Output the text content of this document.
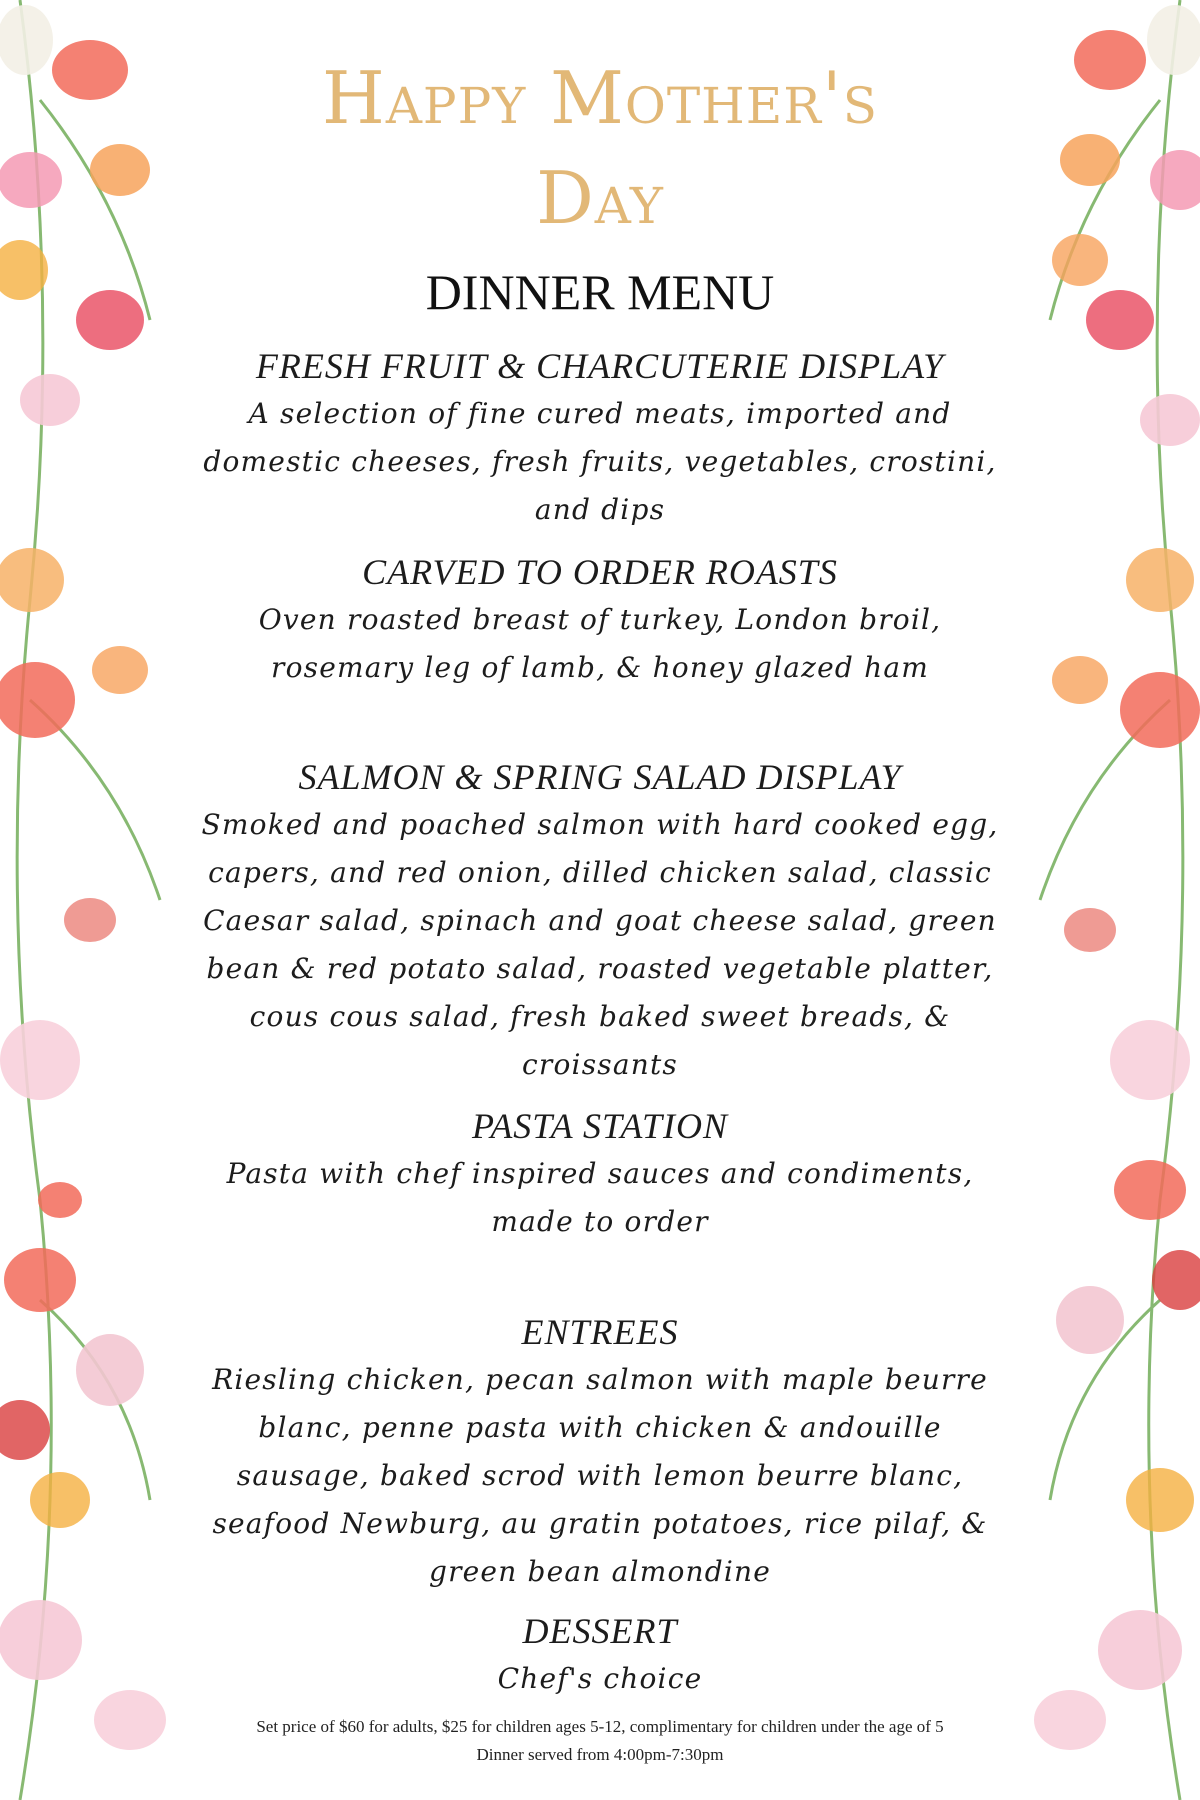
Happy Mother's
Day
DINNER MENU
FRESH FRUIT & CHARCUTERIE DISPLAY
A selection of fine cured meats, imported and domestic cheeses, fresh fruits, vegetables, crostini, and dips
CARVED TO ORDER ROASTS
Oven roasted breast of turkey, London broil, rosemary leg of lamb, & honey glazed ham
SALMON & SPRING SALAD DISPLAY
Smoked and poached salmon with hard cooked egg, capers, and red onion, dilled chicken salad, classic Caesar salad, spinach and goat cheese salad, green bean & red potato salad, roasted vegetable platter, cous cous salad, fresh baked sweet breads, & croissants
PASTA STATION
Pasta with chef inspired sauces and condiments, made to order
ENTREES
Riesling chicken, pecan salmon with maple beurre blanc, penne pasta with chicken & andouille sausage, baked scrod with lemon beurre blanc, seafood Newburg, au gratin potatoes, rice pilaf, & green bean almondine
DESSERT
Chef's choice
Set price of $60 for adults, $25 for children ages 5-12, complimentary for children under the age of 5
Dinner served from 4:00pm-7:30pm
